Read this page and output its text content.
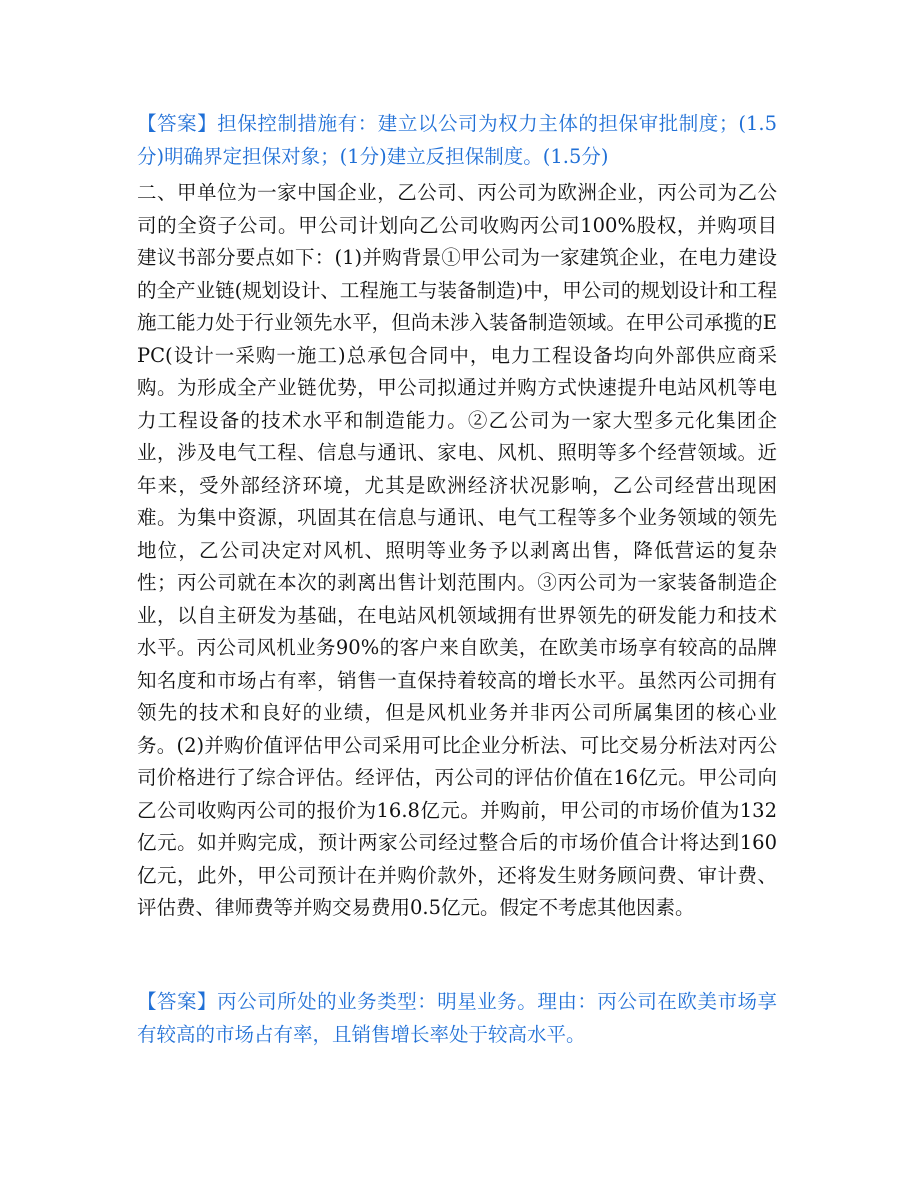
【答案】担保控制措施有：建立以公司为权力主体的担保审批制度；(1.5分)明确界定担保对象；(1分)建立反担保制度。(1.5分)

二、甲单位为一家中国企业，乙公司、丙公司为欧洲企业，丙公司为乙公司的全资子公司。甲公司计划向乙公司收购丙公司100%股权，并购项目建议书部分要点如下：(1)并购背景①甲公司为一家建筑企业，在电力建设的全产业链(规划设计、工程施工与装备制造)中，甲公司的规划设计和工程施工能力处于行业领先水平，但尚未涉入装备制造领域。在甲公司承揽的EPC(设计一采购一施工)总承包合同中，电力工程设备均向外部供应商采购。为形成全产业链优势，甲公司拟通过并购方式快速提升电站风机等电力工程设备的技术水平和制造能力。②乙公司为一家大型多元化集团企业，涉及电气工程、信息与通讯、家电、风机、照明等多个经营领域。近年来，受外部经济环境，尤其是欧洲经济状况影响，乙公司经营出现困难。为集中资源，巩固其在信息与通讯、电气工程等多个业务领域的领先地位，乙公司决定对风机、照明等业务予以剥离出售，降低营运的复杂性；丙公司就在本次的剥离出售计划范围内。③丙公司为一家装备制造企业，以自主研发为基础，在电站风机领域拥有世界领先的研发能力和技术水平。丙公司风机业务90%的客户来自欧美，在欧美市场享有较高的品牌知名度和市场占有率，销售一直保持着较高的增长水平。虽然丙公司拥有领先的技术和良好的业绩，但是风机业务并非丙公司所属集团的核心业务。(2)并购价值评估甲公司采用可比企业分析法、可比交易分析法对丙公司价格进行了综合评估。经评估，丙公司的评估价值在16亿元。甲公司向乙公司收购丙公司的报价为16.8亿元。并购前，甲公司的市场价值为132亿元。如并购完成，预计两家公司经过整合后的市场价值合计将达到160亿元，此外，甲公司预计在并购价款外，还将发生财务顾问费、审计费、评估费、律师费等并购交易费用0.5亿元。假定不考虑其他因素。

【答案】丙公司所处的业务类型：明星业务。理由：丙公司在欧美市场享有较高的市场占有率，且销售增长率处于较高水平。
